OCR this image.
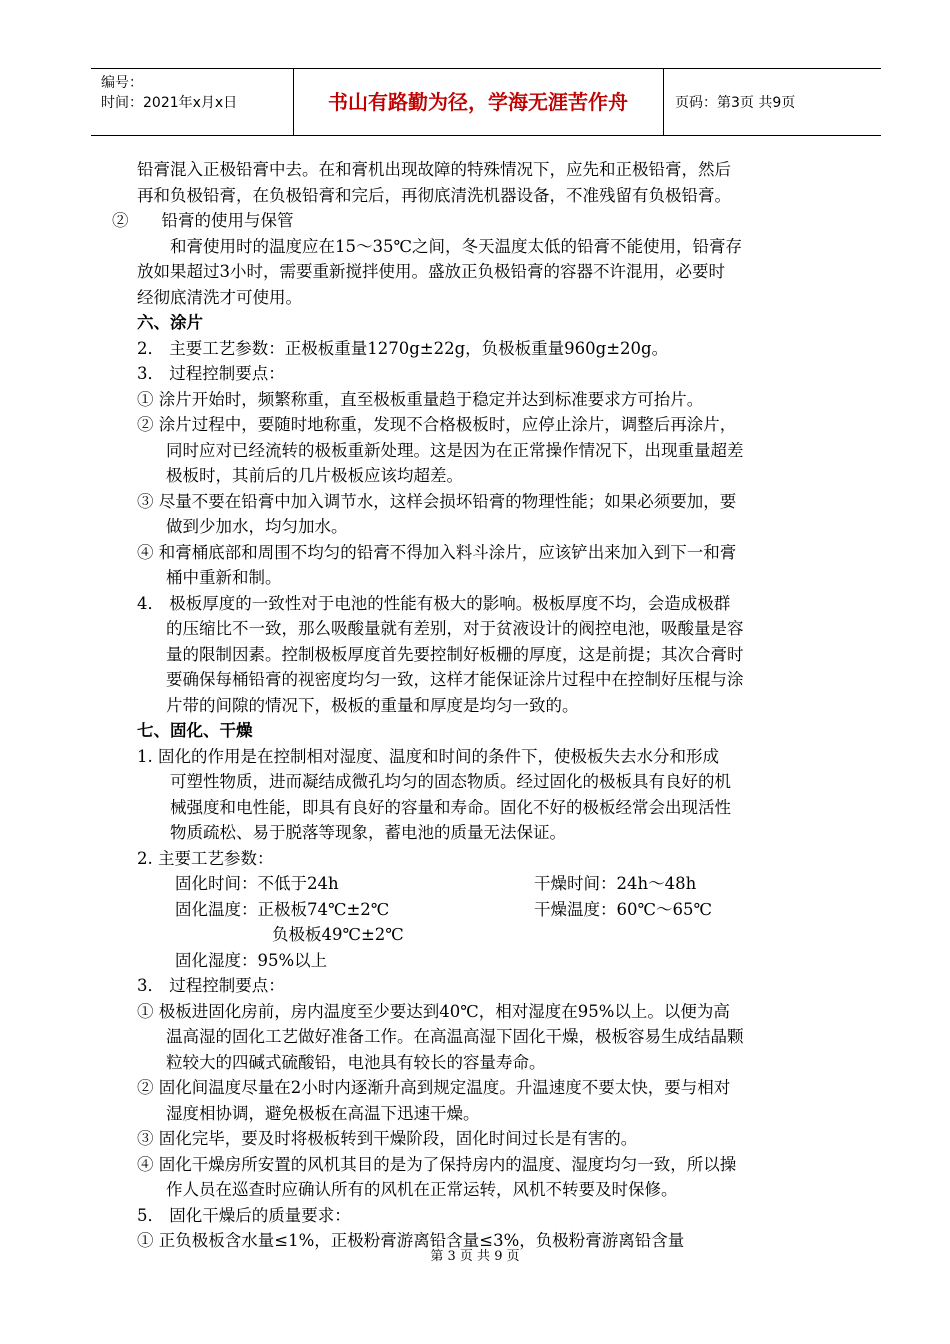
编号：
时间：2021年x月x日	书山有路勤为径，学海无涯苦作舟	页码：第3页 共9页
铅膏混入正极铅膏中去。在和膏机出现故障的特殊情况下，应先和正极铅膏，然后
再和负极铅膏，在负极铅膏和完后，再彻底清洗机器设备，不准残留有负极铅膏。
②　　铅膏的使用与保管
和膏使用时的温度应在15～35℃之间，冬天温度太低的铅膏不能使用，铅膏存
放如果超过3小时，需要重新搅拌使用。盛放正负极铅膏的容器不许混用，必要时
经彻底清洗才可使用。
六、涂片
2． 主要工艺参数：正极板重量1270g±22g，负极板重量960g±20g。
3． 过程控制要点：
① 涂片开始时，频繁称重，直至极板重量趋于稳定并达到标准要求方可抬片。
② 涂片过程中，要随时地称重，发现不合格极板时，应停止涂片，调整后再涂片，
同时应对已经流转的极板重新处理。这是因为在正常操作情况下，出现重量超差
极板时，其前后的几片极板应该均超差。
③ 尽量不要在铅膏中加入调节水，这样会损坏铅膏的物理性能；如果必须要加，要
做到少加水，均匀加水。
④ 和膏桶底部和周围不均匀的铅膏不得加入料斗涂片，应该铲出来加入到下一和膏
桶中重新和制。
4． 极板厚度的一致性对于电池的性能有极大的影响。极板厚度不均，会造成极群
的压缩比不一致，那么吸酸量就有差别，对于贫液设计的阀控电池，吸酸量是容
量的限制因素。控制极板厚度首先要控制好板栅的厚度，这是前提；其次合膏时
要确保每桶铅膏的视密度均匀一致，这样才能保证涂片过程中在控制好压棍与涂
片带的间隙的情况下，极板的重量和厚度是均匀一致的。
七、固化、干燥
1. 固化的作用是在控制相对湿度、温度和时间的条件下，使极板失去水分和形成
可塑性物质，进而凝结成微孔均匀的固态物质。经过固化的极板具有良好的机
械强度和电性能，即具有良好的容量和寿命。固化不好的极板经常会出现活性
物质疏松、易于脱落等现象，蓄电池的质量无法保证。
2. 主要工艺参数：
固化时间：不低于24h	干燥时间：24h～48h
固化温度：正极板74℃±2℃	干燥温度：60℃～65℃
负极板49℃±2℃
固化湿度：95%以上
3． 过程控制要点：
① 极板进固化房前，房内温度至少要达到40℃，相对湿度在95%以上。以便为高
温高湿的固化工艺做好准备工作。在高温高湿下固化干燥，极板容易生成结晶颗
粒较大的四碱式硫酸铅，电池具有较长的容量寿命。
② 固化间温度尽量在2小时内逐渐升高到规定温度。升温速度不要太快，要与相对
湿度相协调，避免极板在高温下迅速干燥。
③ 固化完毕，要及时将极板转到干燥阶段，固化时间过长是有害的。
④ 固化干燥房所安置的风机其目的是为了保持房内的温度、湿度均匀一致，所以操
作人员在巡查时应确认所有的风机在正常运转，风机不转要及时保修。
5． 固化干燥后的质量要求：
① 正负极板含水量≤1%，正极粉膏游离铅含量≤3%，负极粉膏游离铅含量
第 3 页 共 9 页
